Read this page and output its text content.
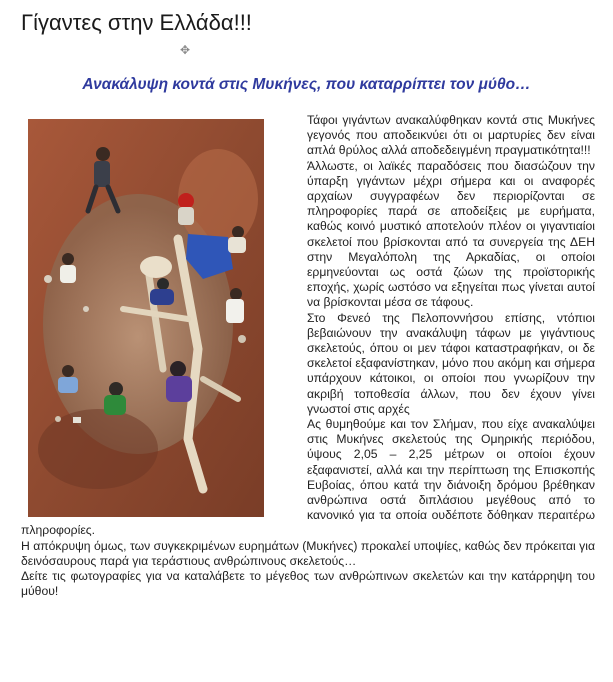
Γίγαντες στην Ελλάδα!!!
✥
Ανακάλυψη κοντά στις Μυκήνες, που καταρρίπτει τον μύθο…

Τάφοι γιγάντων ανακαλύφθηκαν κοντά στις Μυκήνες γεγονός που αποδεικνύει ότι οι μαρτυρίες δεν είναι απλά θρύλος αλλά αποδεδειγμένη πραγματικότητα!!!

Άλλωστε, οι λαϊκές παραδόσεις που διασώζουν την ύπαρξη γιγάντων μέχρι σήμερα και οι αναφορές αρχαίων συγγραφέων δεν περιορίζονται σε πληροφορίες παρά σε αποδείξεις με ευρήματα, καθώς κοινό μυστικό αποτελούν πλέον οι γιγαντιαίοι σκελετοί που βρίσκονται από τα συνεργεία της ΔΕΗ στην Μεγαλόπολη της Αρκαδίας, οι οποίοι ερμηνεύονται ως οστά ζώων της προϊστορικής εποχής, χωρίς ωστόσο να εξηγείται πως γίνεται αυτοί να βρίσκονται μέσα σε τάφους.

Στο Φενεό της Πελοποννήσου επίσης, ντόπιοι βεβαιώνουν την ανακάλυψη τάφων με γιγάντιους σκελετούς, όπου οι μεν τάφοι καταστραφήκαν, οι δε σκελετοί εξαφανίστηκαν, μόνο που ακόμη και σήμερα υπάρχουν κάτοικοι, οι οποίοι που γνωρίζουν την ακριβή τοποθεσία άλλων, που δεν έχουν γίνει γνωστοί στις αρχές

Ας θυμηθούμε και τον Σλήμαν, που είχε ανακαλύψει στις Μυκήνες σκελετούς της Ομηρικής περιόδου, ύψους 2,05 – 2,25 μέτρων οι οποίοι έχουν εξαφανιστεί, αλλά και την περίπτωση της Επισκοπής Ευβοίας, όπου κατά την διάνοιξη δρόμου βρέθηκαν ανθρώπινα οστά διπλάσιου μεγέθους από το κανονικό για τα οποία ουδέποτε δόθηκαν περαιτέρω πληροφορίες.

Η απόκρυψη όμως, των συγκεκριμένων ευρημάτων (Μυκήνες) προκαλεί υποψίες, καθώς δεν πρόκειται για δεινόσαυρους παρά για τεράστιους ανθρώπινους σκελετούς…

Δείτε τις φωτογραφίες για να καταλάβετε το μέγεθος των ανθρώπινων σκελετών και την κατάρρηψη του μύθου!
